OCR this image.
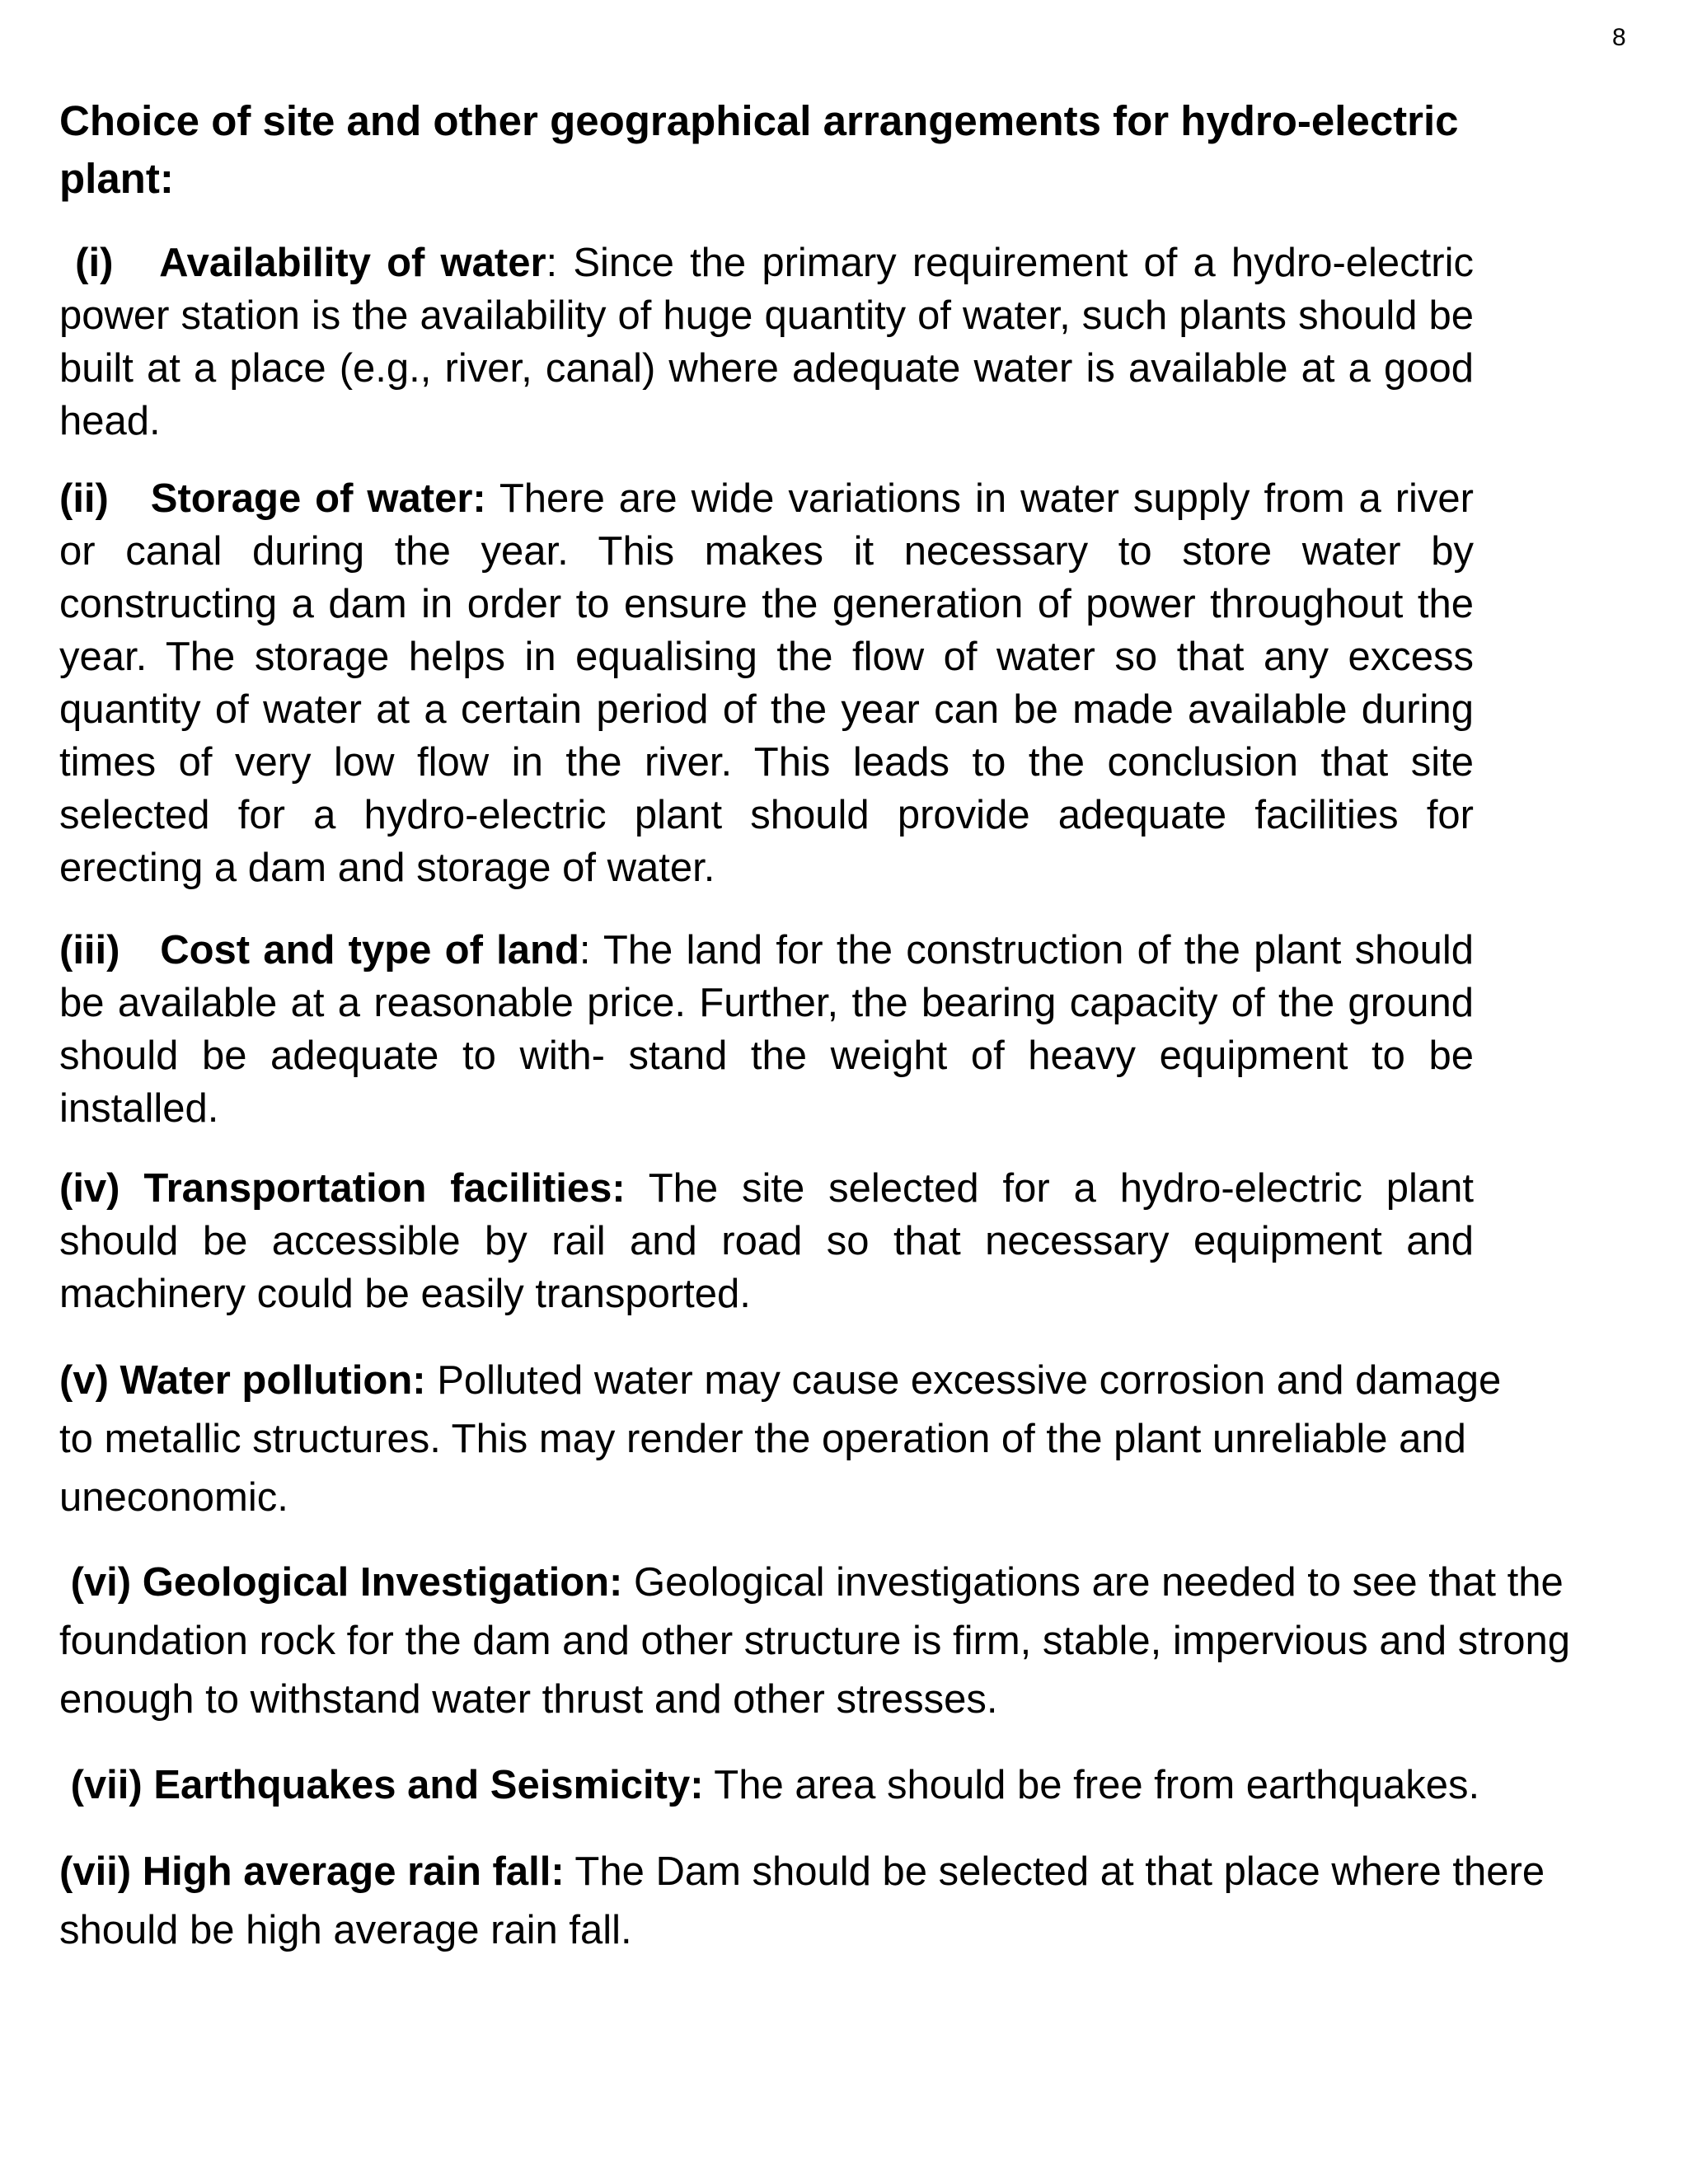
8
Choice of site and other geographical arrangements for hydro-electric plant:

(i)   Availability of water: Since the primary requirement of a hydro-electric power station is the availability of huge quantity of water, such plants should be built at a place (e.g., river, canal) where adequate water is available at a good head.

(ii)   Storage of water: There are wide variations in water supply from a river or canal during the year. This makes it necessary to store water by constructing a dam in order to ensure the generation of power throughout the year. The storage helps in equalising the flow of water so that any excess quantity of water at a certain period of the year can be made available during times of very low flow in the river. This leads to the conclusion that site selected for a hydro-electric plant should provide adequate facilities for erecting a dam and storage of water.

(iii)   Cost and type of land: The land for the construction of the plant should be available at a reasonable price. Further, the bearing capacity of the ground should be adequate to with- stand the weight of heavy equipment to be installed.

(iv) Transportation facilities: The site selected for a hydro-electric plant should be accessible by rail and road so that necessary equipment and machinery could be easily transported.

(v) Water pollution: Polluted water may cause excessive corrosion and damage to metallic structures. This may render the operation of the plant unreliable and uneconomic.

(vi) Geological Investigation: Geological investigations are needed to see that the foundation rock for the dam and other structure is firm, stable, impervious and strong enough to withstand water thrust and other stresses.

(vii) Earthquakes and Seismicity: The area should be free from earthquakes.

(vii) High average rain fall: The Dam should be selected at that place where there should be high average rain fall.
